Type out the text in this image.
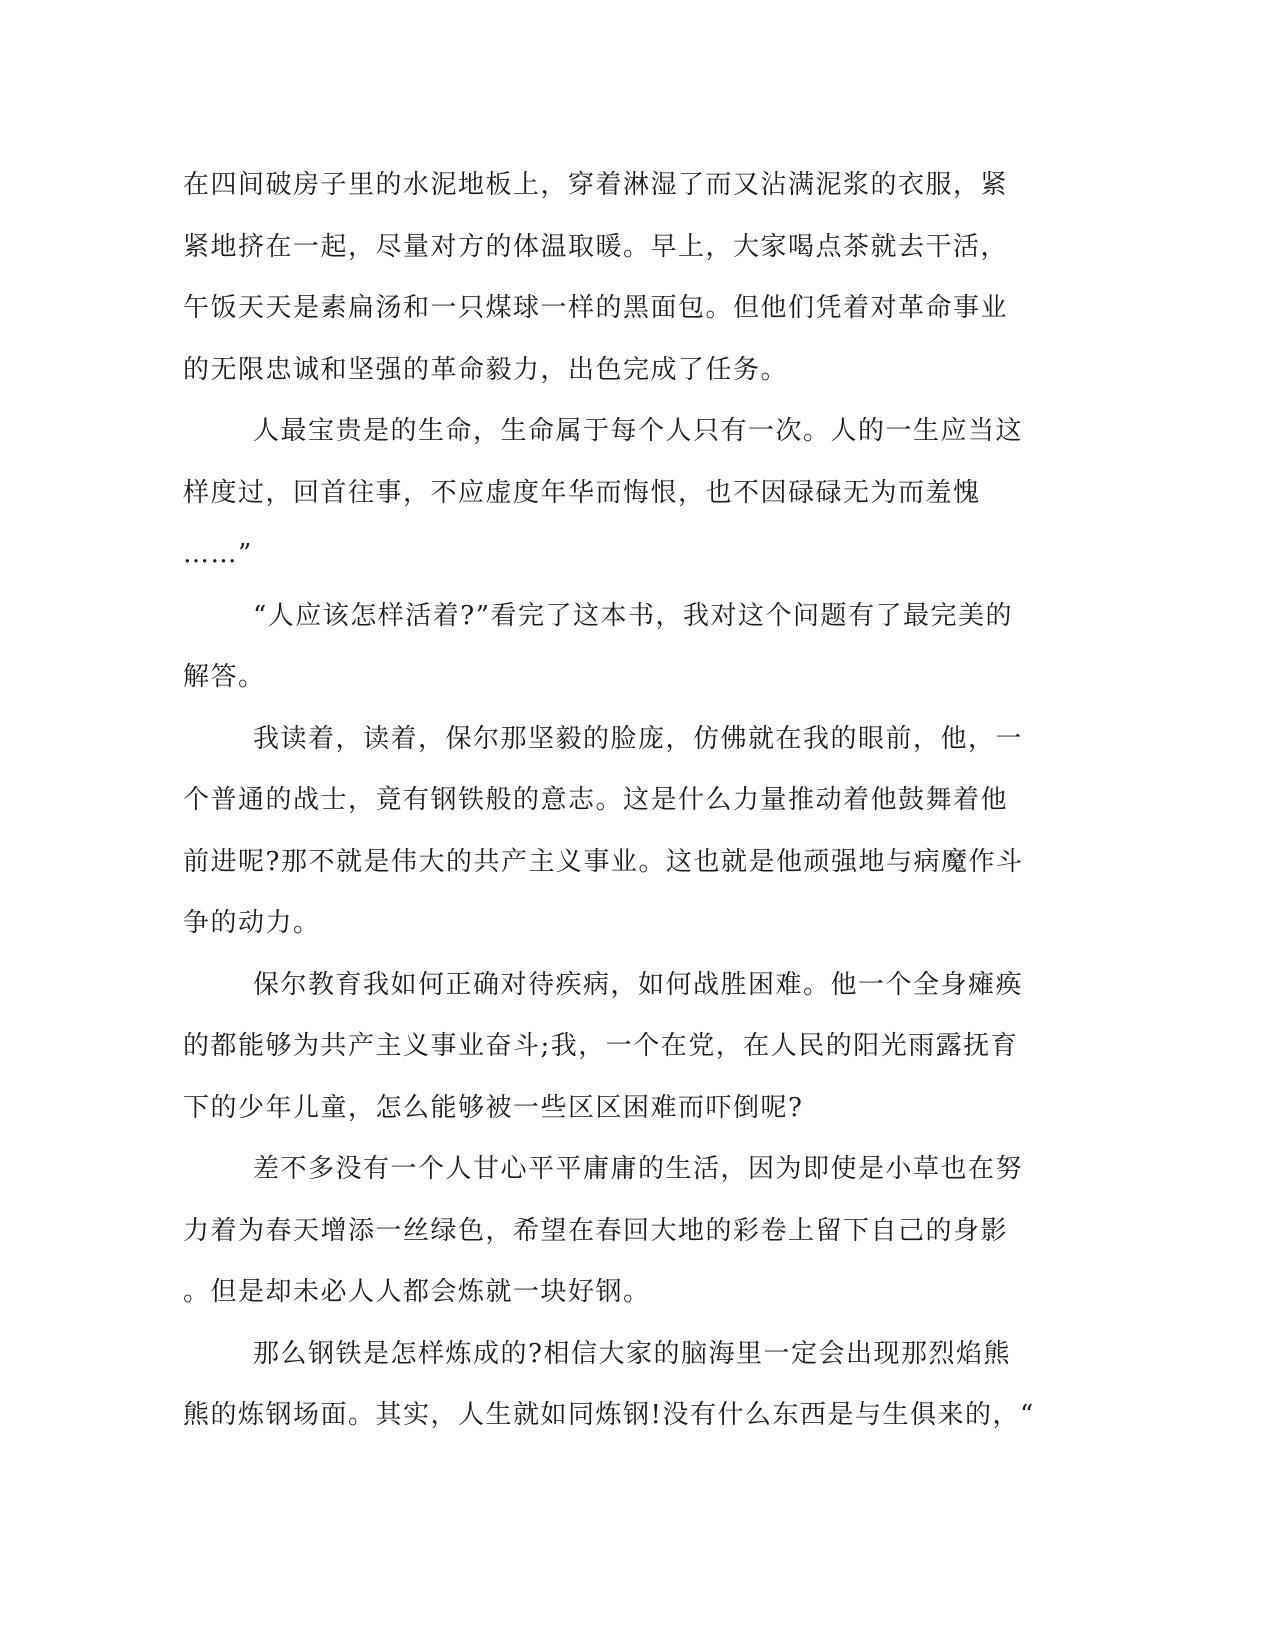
在四间破房子里的水泥地板上，穿着淋湿了而又沾满泥浆的衣服，紧
紧地挤在一起，尽量对方的体温取暖。早上，大家喝点茶就去干活，
午饭天天是素扁汤和一只煤球一样的黑面包。但他们凭着对革命事业
的无限忠诚和坚强的革命毅力，出色完成了任务。
人最宝贵是的生命，生命属于每个人只有一次。人的一生应当这
样度过，回首往事，不应虚度年华而悔恨，也不因碌碌无为而羞愧
……”
“人应该怎样活着?”看完了这本书，我对这个问题有了最完美的
解答。
我读着，读着，保尔那坚毅的脸庞，仿佛就在我的眼前，他，一
个普通的战士，竟有钢铁般的意志。这是什么力量推动着他鼓舞着他
前进呢?那不就是伟大的共产主义事业。这也就是他顽强地与病魔作斗
争的动力。
保尔教育我如何正确对待疾病，如何战胜困难。他一个全身瘫痪
的都能够为共产主义事业奋斗;我，一个在党，在人民的阳光雨露抚育
下的少年儿童，怎么能够被一些区区困难而吓倒呢?
差不多没有一个人甘心平平庸庸的生活，因为即使是小草也在努
力着为春天增添一丝绿色，希望在春回大地的彩卷上留下自己的身影
。但是却未必人人都会炼就一块好钢。
那么钢铁是怎样炼成的?相信大家的脑海里一定会出现那烈焰熊
熊的炼钢场面。其实，人生就如同炼钢!没有什么东西是与生俱来的，“
